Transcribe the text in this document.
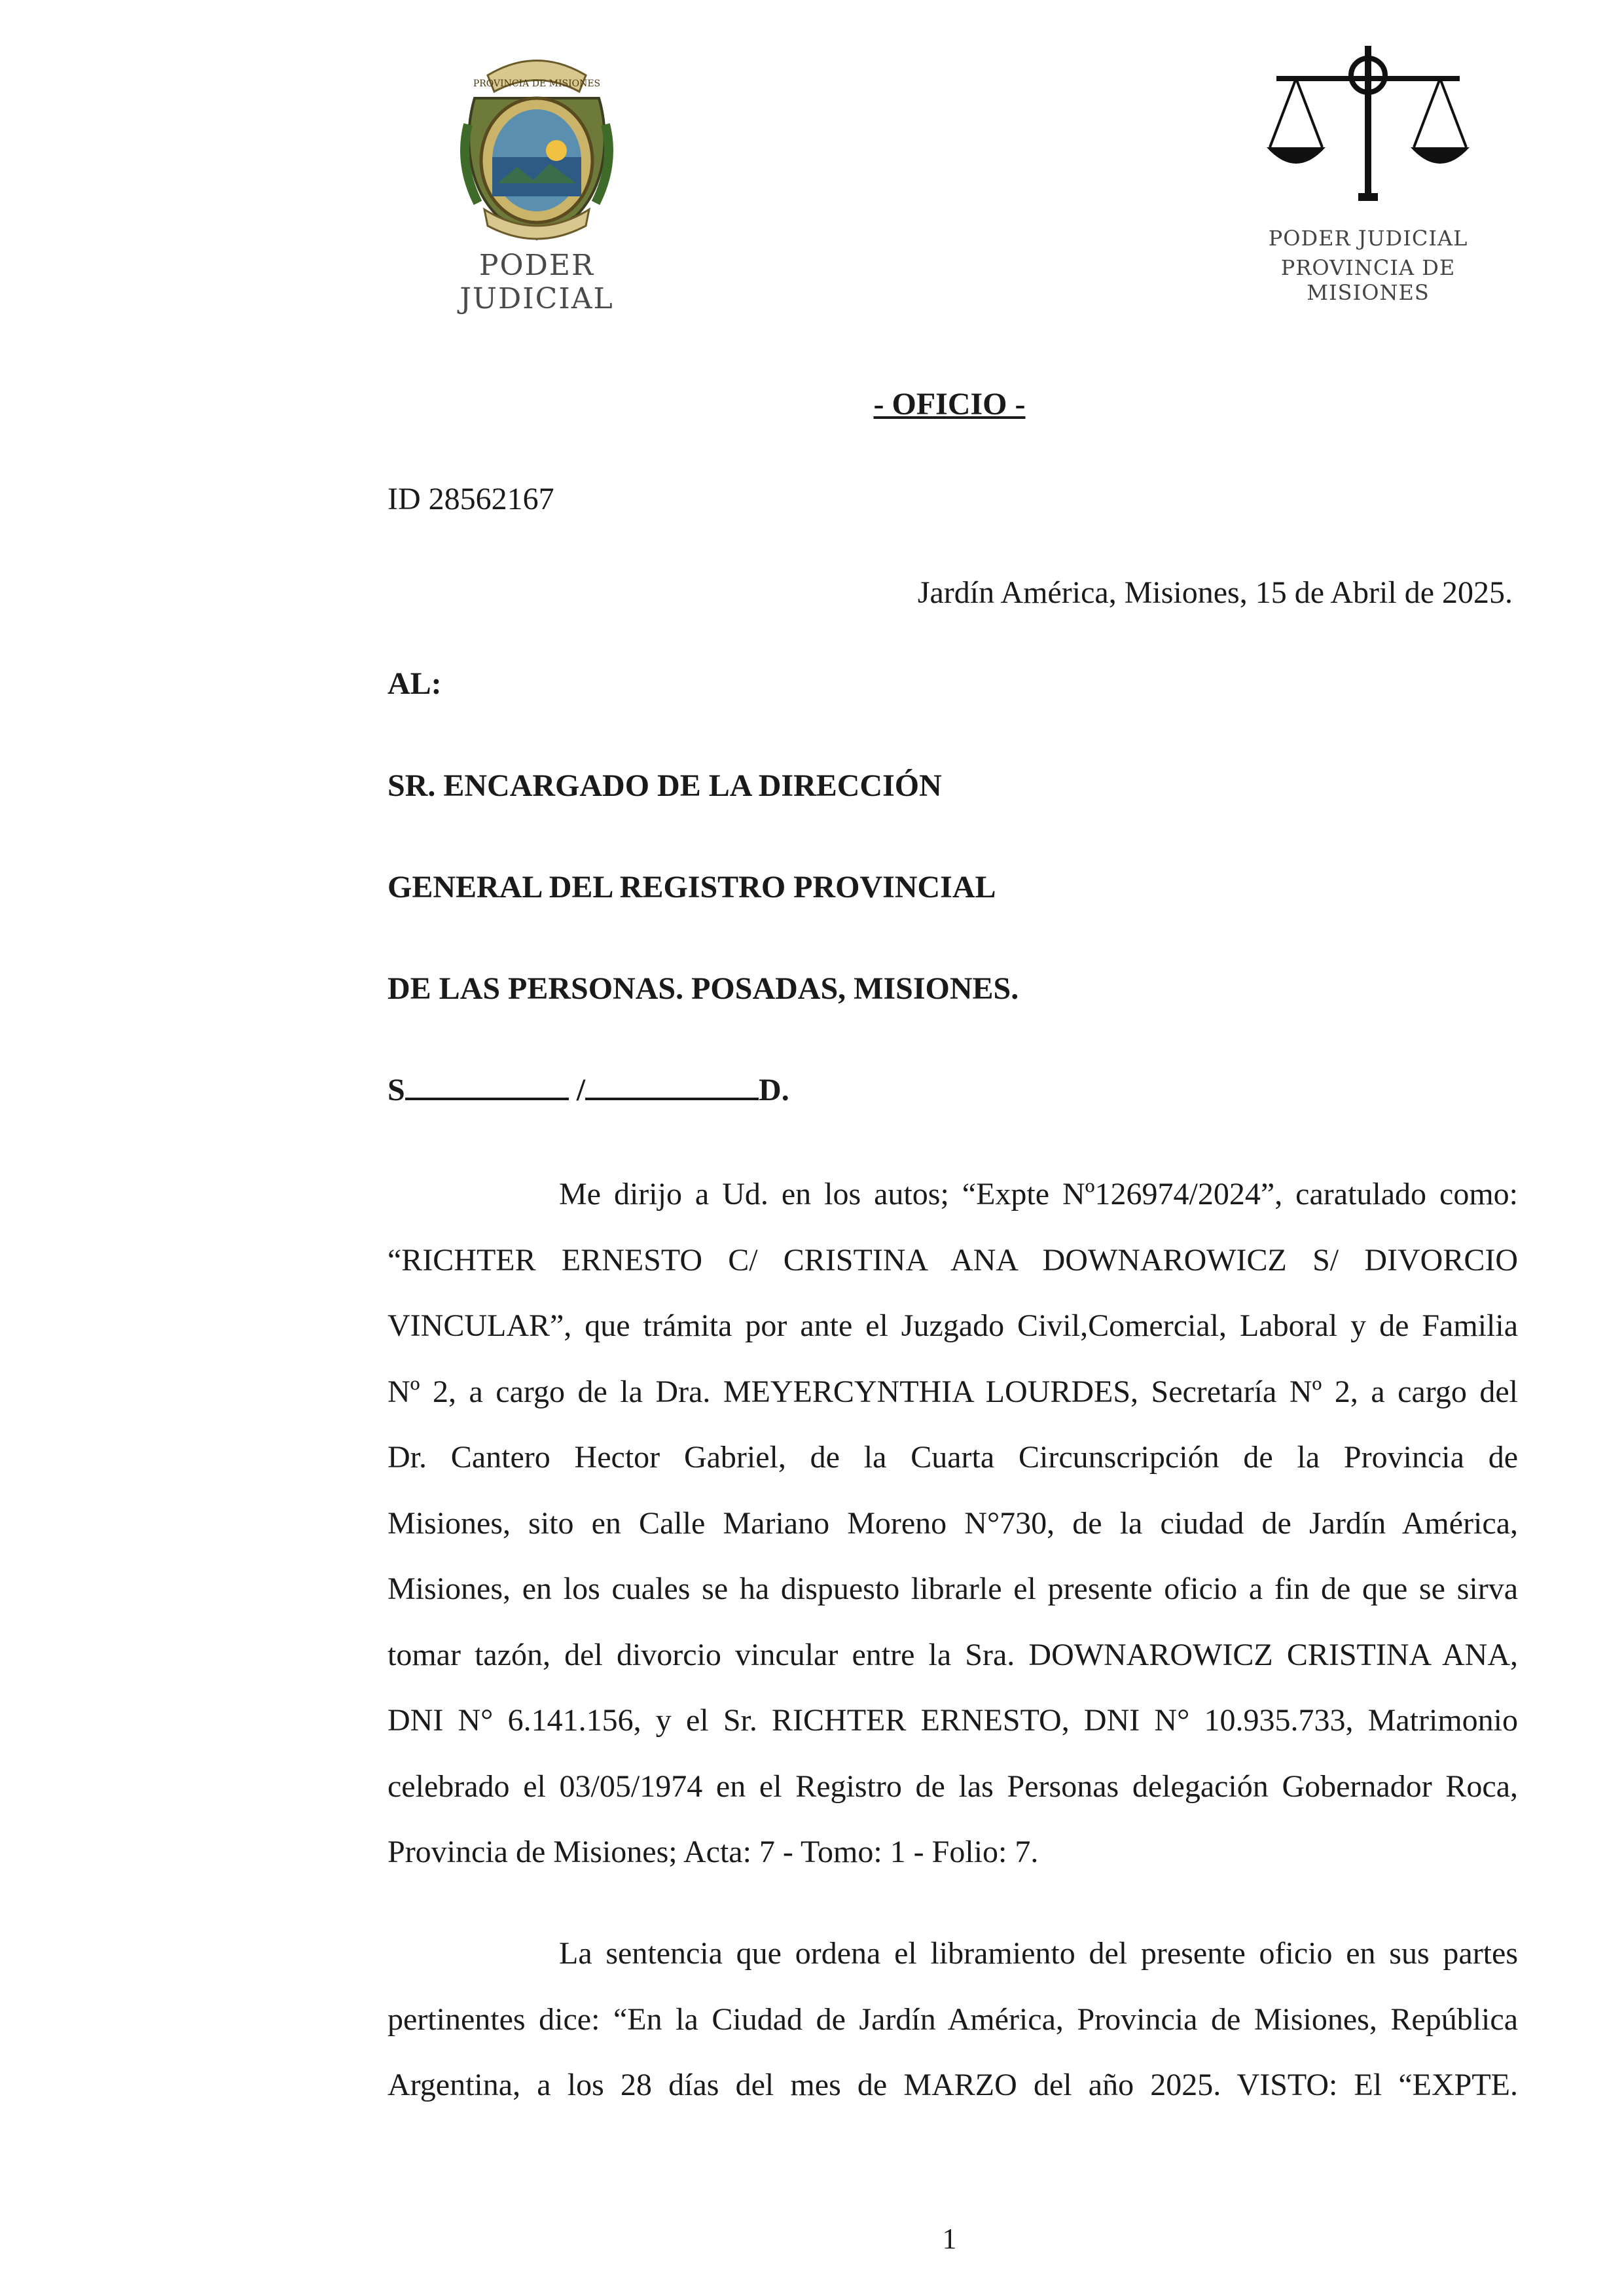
PROVINCIA DE MISIONES
PODER JUDICIAL
PODER JUDICIAL
PROVINCIA DE MISIONES
- OFICIO -
ID 28562167
Jardín América, Misiones, 15 de Abril de 2025.
AL:
SR. ENCARGADO DE LA DIRECCIÓN
GENERAL DEL REGISTRO PROVINCIAL
DE LAS PERSONAS. POSADAS, MISIONES.
S	/	D.
Me dirijo a Ud. en los autos; “Expte Nº126974/2024”, caratulado como:
“RICHTER ERNESTO C/ CRISTINA ANA DOWNAROWICZ S/ DIVORCIO
VINCULAR”, que trámita por ante el Juzgado Civil,Comercial, Laboral y de Familia
Nº 2, a cargo de la Dra. MEYERCYNTHIA LOURDES, Secretaría Nº 2, a cargo del
Dr. Cantero Hector Gabriel, de la Cuarta Circunscripción de la Provincia de
Misiones, sito en Calle Mariano Moreno N°730, de la ciudad de Jardín América,
Misiones, en los cuales se ha dispuesto librarle el presente oficio a fin de que se sirva
tomar tazón, del divorcio vincular entre la Sra. DOWNAROWICZ CRISTINA ANA,
DNI N° 6.141.156, y el Sr. RICHTER ERNESTO, DNI N° 10.935.733, Matrimonio
celebrado el 03/05/1974 en el Registro de las Personas delegación Gobernador Roca,
Provincia de Misiones; Acta: 7 - Tomo: 1 - Folio: 7.
La sentencia que ordena el libramiento del presente oficio en sus partes
pertinentes dice: “En la Ciudad de Jardín América, Provincia de Misiones, República
Argentina, a los 28 días del mes de MARZO del año 2025. VISTO: El “EXPTE.
1
